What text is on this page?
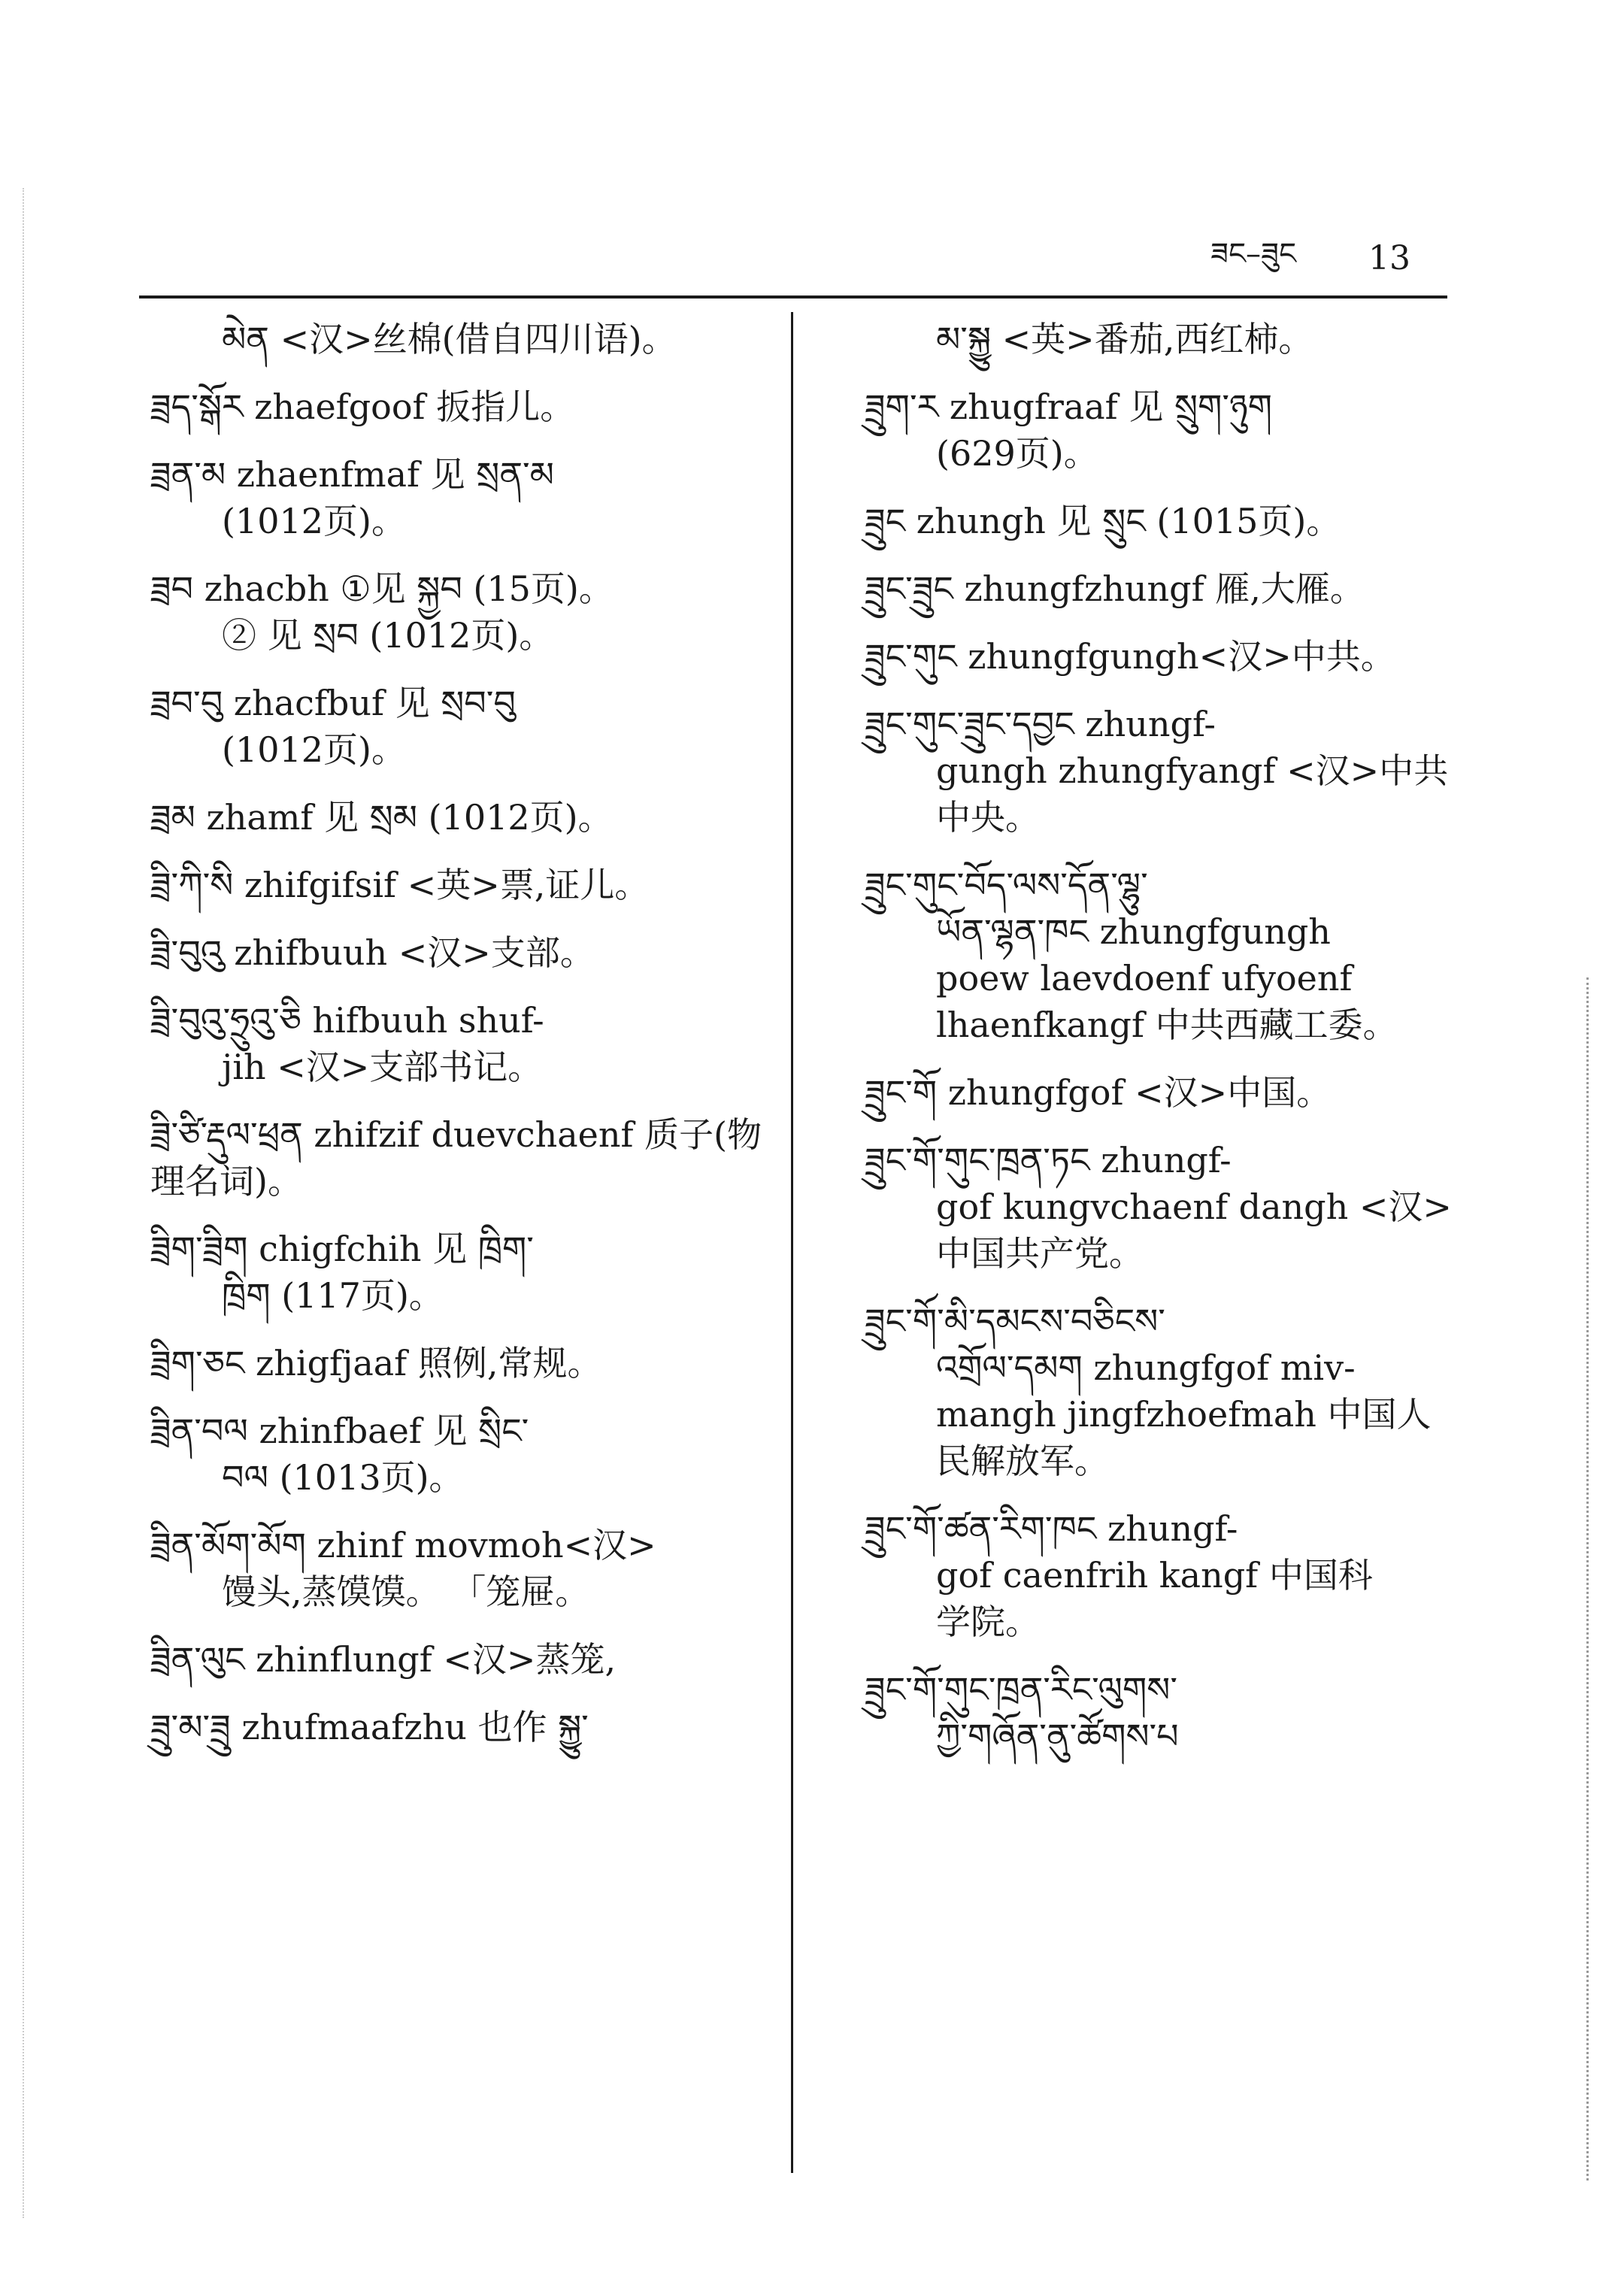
ཟང–ཟུང 13
མེན <汉>丝棉(借自四川语)。
ཟྲད་སྒོར zhaefgoof 扳指儿。
ཟྲན་མ zhaenfmaf 见 སྲན་མ
(1012页)。
ཟྲབ zhacbh ①见 སྐྱབ (15页)。
② 见 སྲབ (1012页)。
ཟྲབ་བུ zhacfbuf 见 སྲབ་བུ
(1012页)。
ཟྲམ zhamf 见 སྲམ (1012页)。
ཟྲི་ཀི་སི zhifgifsif <英>票,证儿。
ཟྲི་བུའུ zhifbuuh <汉>支部。
ཟྲི་བུའུ་ཧྲུའུ་ཅི hifbuuh shuf-
jih <汉>支部书记。
ཟྲི་ཙི་རྡུལ་ཕྲན zhifzif duevchaenf 质子(物理名词)。
ཟྲིག་ཟྲིག chigfchih 见 ཁྲིག་
ཁྲིག (117页)。
ཟྲིག་ཅང zhigfjaaf 照例,常规。
ཟྲིན་བལ zhinfbaef 见 སྲིང་
བལ (1013页)。
ཟྲིན་མོག་མོག zhinf movmoh<汉>
馒头,蒸馍馍。 「笼屉。
ཟྲིན་ལུང zhinflungf <汉>蒸笼,
ཟྲུ་མ་ཟྲུ zhufmaafzhu 也作 སྐྱུ་
མ་སྐྱུ <英>番茄,西红柿。
ཟྲུག་ར zhugfraaf 见 སྲུག་ཉུག
(629页)。
ཟྲུང zhungh 见 སྲུང (1015页)。
ཟྲུང་ཟྲུང zhungfzhungf 雁,大雁。
ཟྲུང་གུང zhungfgungh<汉>中共。
ཟྲུང་གུང་ཟྲུང་དབྱང zhungf-
gungh zhungfyangf <汉>中共
中央。
ཟྲུང་གུང་བོད་ལས་དོན་ལྷུ་
ཡོན་ལྷན་ཁང zhungfgungh
poew laevdoenf ufyoenf
lhaenfkangf 中共西藏工委。
ཟྲུང་གོ zhungfgof <汉>中国。
ཟྲུང་གོ་གུང་ཁྲན་ཏང zhungf-
gof kungvchaenf dangh <汉>
中国共产党。
ཟྲུང་གོ་མི་དམངས་བཅིངས་
འགྲོལ་དམག zhungfgof miv-
mangh jingfzhoefmah 中国人
民解放军。
ཟྲུང་གོ་ཚན་རིག་ཁང zhungf-
gof caenfrih kangf 中国科
学院。
ཟྲུང་གོ་གུང་ཁྲན་རིང་ལུགས་
ཀྱི་གཞོན་ནུ་ཚོགས་པ
